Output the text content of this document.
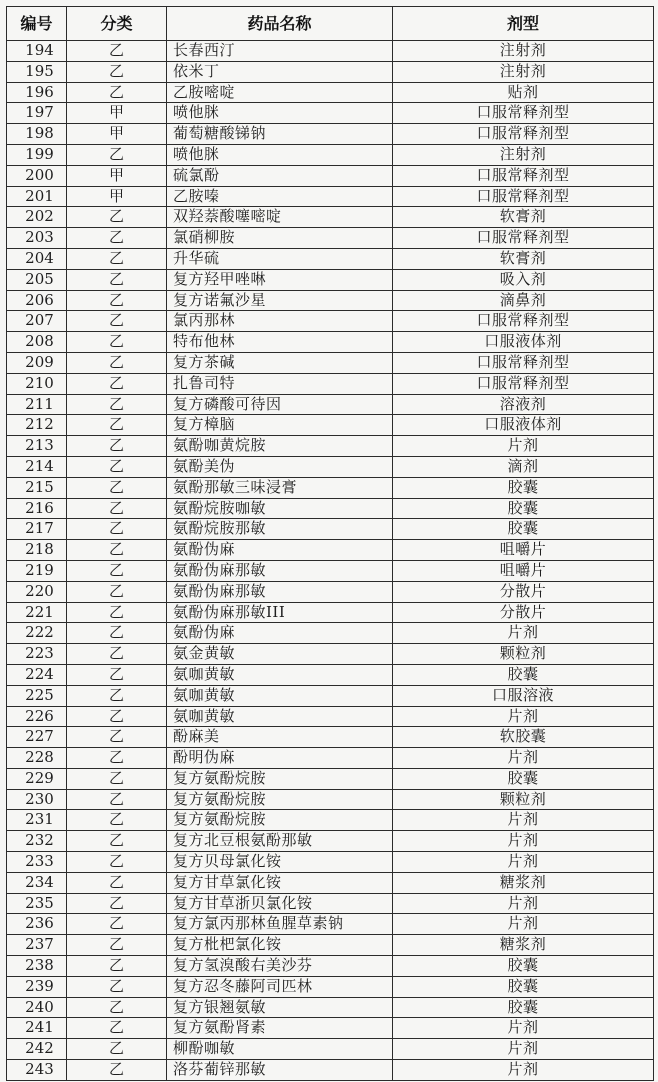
编号	分类	药品名称	剂型
194	乙	长春西汀	注射剂
195	乙	依米丁	注射剂
196	乙	乙胺嘧啶	贴剂
197	甲	喷他脒	口服常释剂型
198	甲	葡萄糖酸锑钠	口服常释剂型
199	乙	喷他脒	注射剂
200	甲	硫氯酚	口服常释剂型
201	甲	乙胺嗪	口服常释剂型
202	乙	双羟萘酸噻嘧啶	软膏剂
203	乙	氯硝柳胺	口服常释剂型
204	乙	升华硫	软膏剂
205	乙	复方羟甲唑啉	吸入剂
206	乙	复方诺氟沙星	滴鼻剂
207	乙	氯丙那林	口服常释剂型
208	乙	特布他林	口服液体剂
209	乙	复方茶碱	口服常释剂型
210	乙	扎鲁司特	口服常释剂型
211	乙	复方磷酸可待因	溶液剂
212	乙	复方樟脑	口服液体剂
213	乙	氨酚咖黄烷胺	片剂
214	乙	氨酚美伪	滴剂
215	乙	氨酚那敏三味浸膏	胶囊
216	乙	氨酚烷胺咖敏	胶囊
217	乙	氨酚烷胺那敏	胶囊
218	乙	氨酚伪麻	咀嚼片
219	乙	氨酚伪麻那敏	咀嚼片
220	乙	氨酚伪麻那敏	分散片
221	乙	氨酚伪麻那敏III	分散片
222	乙	氨酚伪麻	片剂
223	乙	氨金黄敏	颗粒剂
224	乙	氨咖黄敏	胶囊
225	乙	氨咖黄敏	口服溶液
226	乙	氨咖黄敏	片剂
227	乙	酚麻美	软胶囊
228	乙	酚明伪麻	片剂
229	乙	复方氨酚烷胺	胶囊
230	乙	复方氨酚烷胺	颗粒剂
231	乙	复方氨酚烷胺	片剂
232	乙	复方北豆根氨酚那敏	片剂
233	乙	复方贝母氯化铵	片剂
234	乙	复方甘草氯化铵	糖浆剂
235	乙	复方甘草浙贝氯化铵	片剂
236	乙	复方氯丙那林鱼腥草素钠	片剂
237	乙	复方枇杷氯化铵	糖浆剂
238	乙	复方氢溴酸右美沙芬	胶囊
239	乙	复方忍冬藤阿司匹林	胶囊
240	乙	复方银翘氨敏	胶囊
241	乙	复方氨酚肾素	片剂
242	乙	柳酚咖敏	片剂
243	乙	洛芬葡锌那敏	片剂
